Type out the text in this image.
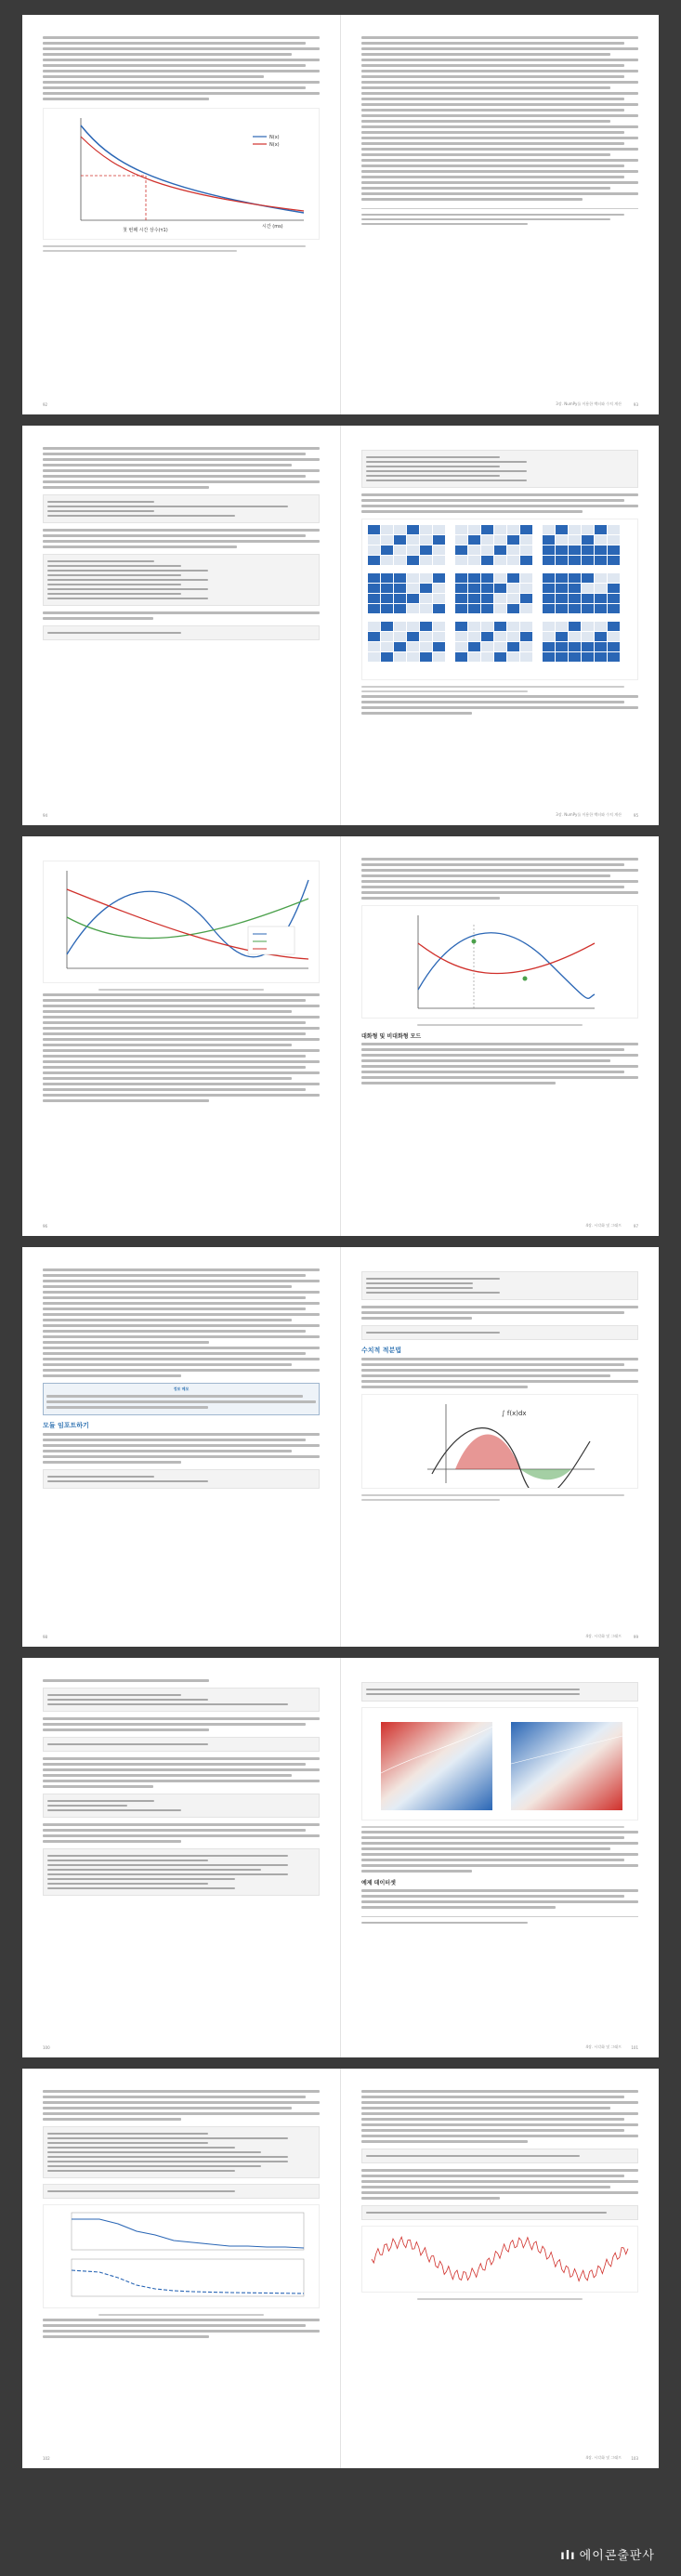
N(x)
N(x)
첫 번째 시간 상수(τ1)
시간 (ms)
92	3장. NumPy를 이용한 벡터와 수치 계산	93
94	3장. NumPy를 이용한 벡터와 수치 계산	95
96
대화형 및 비대화형 모드
4장. 시각화 및 그래프	97
정보 메모
모듈 임포트하기
98
수치적 적분법
∫ f(x)dx
4장. 시각화 및 그래프	99
100
예제 데이터셋
4장. 시각화 및 그래프	101
102	4장. 시각화 및 그래프	103
ılı 에이콘출판사
